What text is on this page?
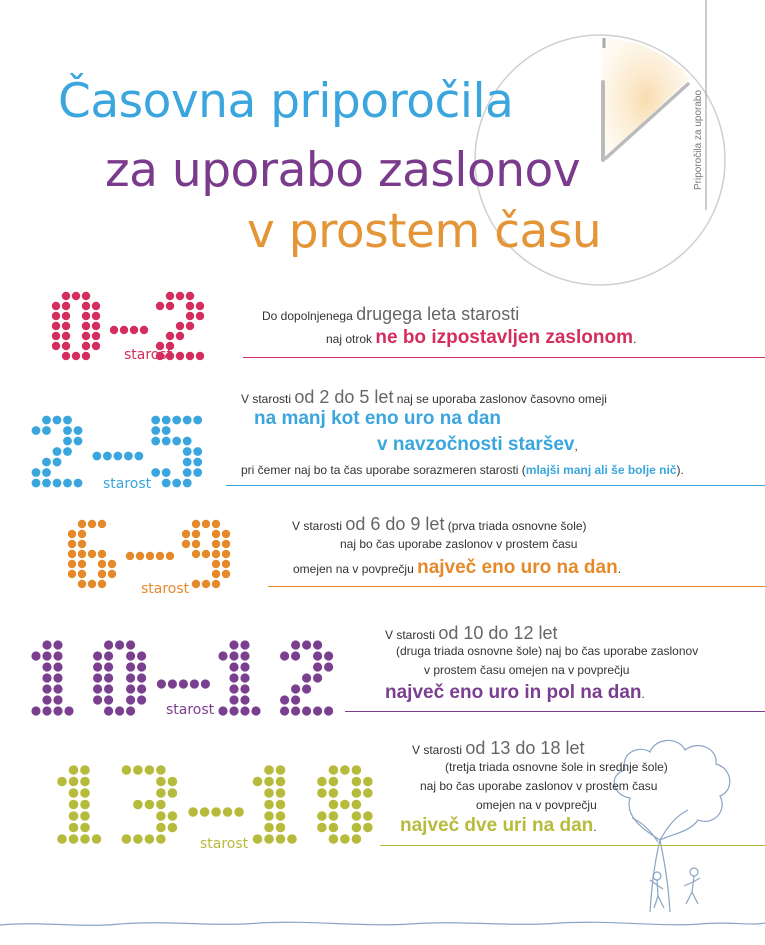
Časovna priporočila
za uporabo zaslonov
v prostem času
Priporočila za uporabo
starost
Do dopolnjenega drugega leta starosti
naj otrok ne bo izpostavljen zaslonom.
starost
V starosti od 2 do 5 let naj se uporaba zaslonov časovno omeji
na manj kot eno uro na dan
v navzočnosti staršev,
pri čemer naj bo ta čas uporabe sorazmeren starosti (mlajši manj ali še bolje nič).
starost
V starosti od 6 do 9 let (prva triada osnovne šole)
naj bo čas uporabe zaslonov v prostem času
omejen na v povprečju največ eno uro na dan.
starost
V starosti od 10 do 12 let
(druga triada osnovne šole) naj bo čas uporabe zaslonov
v prostem času omejen na v povprečju
največ eno uro in pol na dan.
starost
V starosti od 13 do 18 let
(tretja triada osnovne šole in srednje šole)
naj bo čas uporabe zaslonov v prostem času
omejen na v povprečju
največ dve uri na dan.
